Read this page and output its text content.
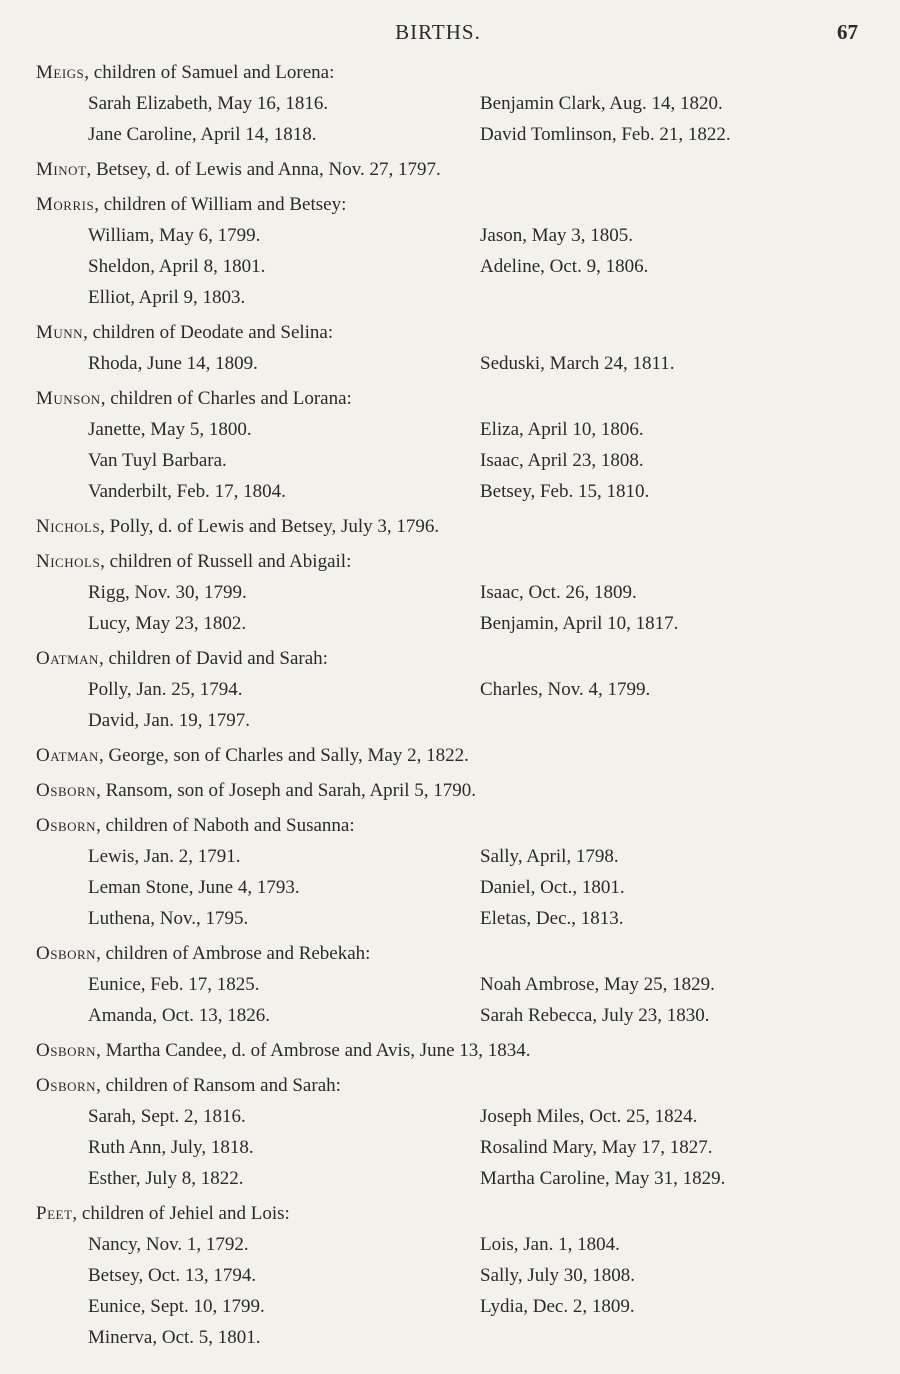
BIRTHS.	67
Meigs, children of Samuel and Lorena:
Sarah Elizabeth, May 16, 1816.	Benjamin Clark, Aug. 14, 1820.
Jane Caroline, April 14, 1818.	David Tomlinson, Feb. 21, 1822.
Minot, Betsey, d. of Lewis and Anna, Nov. 27, 1797.
Morris, children of William and Betsey:
William, May 6, 1799.	Jason, May 3, 1805.
Sheldon, April 8, 1801.	Adeline, Oct. 9, 1806.
Elliot, April 9, 1803.
Munn, children of Deodate and Selina:
Rhoda, June 14, 1809.	Seduski, March 24, 1811.
Munson, children of Charles and Lorana:
Janette, May 5, 1800.	Eliza, April 10, 1806.
Van Tuyl Barbara.	Isaac, April 23, 1808.
Vanderbilt, Feb. 17, 1804.	Betsey, Feb. 15, 1810.
Nichols, Polly, d. of Lewis and Betsey, July 3, 1796.
Nichols, children of Russell and Abigail:
Rigg, Nov. 30, 1799.	Isaac, Oct. 26, 1809.
Lucy, May 23, 1802.	Benjamin, April 10, 1817.
Oatman, children of David and Sarah:
Polly, Jan. 25, 1794.	Charles, Nov. 4, 1799.
David, Jan. 19, 1797.
Oatman, George, son of Charles and Sally, May 2, 1822.
Osborn, Ransom, son of Joseph and Sarah, April 5, 1790.
Osborn, children of Naboth and Susanna:
Lewis, Jan. 2, 1791.	Sally, April, 1798.
Leman Stone, June 4, 1793.	Daniel, Oct., 1801.
Luthena, Nov., 1795.	Eletas, Dec., 1813.
Osborn, children of Ambrose and Rebekah:
Eunice, Feb. 17, 1825.	Noah Ambrose, May 25, 1829.
Amanda, Oct. 13, 1826.	Sarah Rebecca, July 23, 1830.
Osborn, Martha Candee, d. of Ambrose and Avis, June 13, 1834.
Osborn, children of Ransom and Sarah:
Sarah, Sept. 2, 1816.	Joseph Miles, Oct. 25, 1824.
Ruth Ann, July, 1818.	Rosalind Mary, May 17, 1827.
Esther, July 8, 1822.	Martha Caroline, May 31, 1829.
Peet, children of Jehiel and Lois:
Nancy, Nov. 1, 1792.	Lois, Jan. 1, 1804.
Betsey, Oct. 13, 1794.	Sally, July 30, 1808.
Eunice, Sept. 10, 1799.	Lydia, Dec. 2, 1809.
Minerva, Oct. 5, 1801.
